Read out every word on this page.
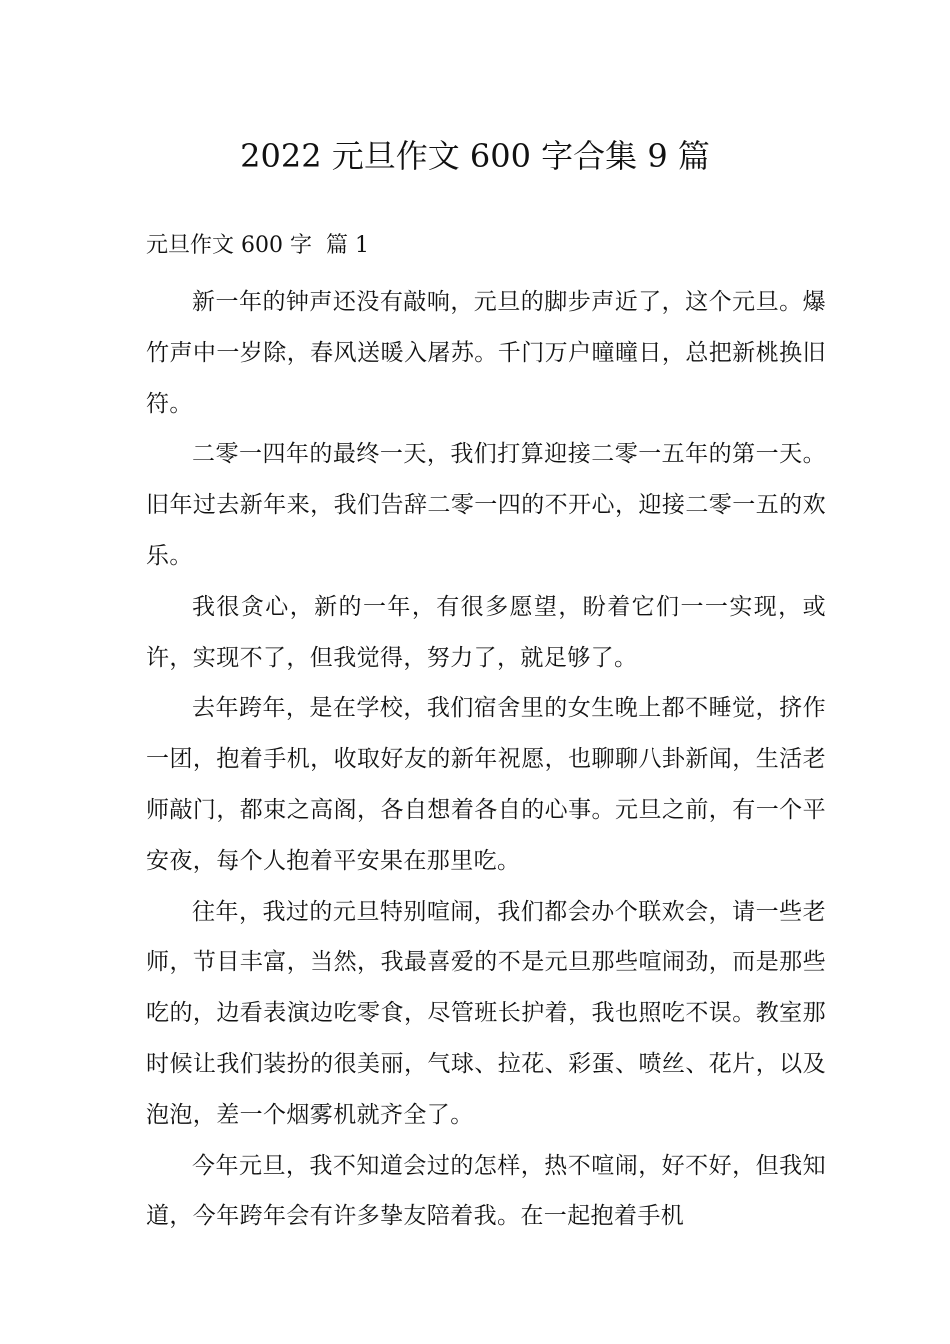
2022 元旦作文 600 字合集 9 篇
元旦作文 600 字  篇 1

新一年的钟声还没有敲响，元旦的脚步声近了，这个元旦。爆竹声中一岁除，春风送暖入屠苏。千门万户曈曈日，总把新桃换旧符。

二零一四年的最终一天，我们打算迎接二零一五年的第一天。旧年过去新年来，我们告辞二零一四的不开心，迎接二零一五的欢乐。

我很贪心，新的一年，有很多愿望，盼着它们一一实现，或许，实现不了，但我觉得，努力了，就足够了。

去年跨年，是在学校，我们宿舍里的女生晚上都不睡觉，挤作一团，抱着手机，收取好友的新年祝愿，也聊聊八卦新闻，生活老师敲门，都束之高阁，各自想着各自的心事。元旦之前，有一个平安夜，每个人抱着平安果在那里吃。

往年，我过的元旦特别喧闹，我们都会办个联欢会，请一些老师，节目丰富，当然，我最喜爱的不是元旦那些喧闹劲，而是那些吃的，边看表演边吃零食，尽管班长护着，我也照吃不误。教室那时候让我们装扮的很美丽，气球、拉花、彩蛋、喷丝、花片，以及泡泡，差一个烟雾机就齐全了。

今年元旦，我不知道会过的怎样，热不喧闹，好不好，但我知道，今年跨年会有许多挚友陪着我。在一起抱着手机
